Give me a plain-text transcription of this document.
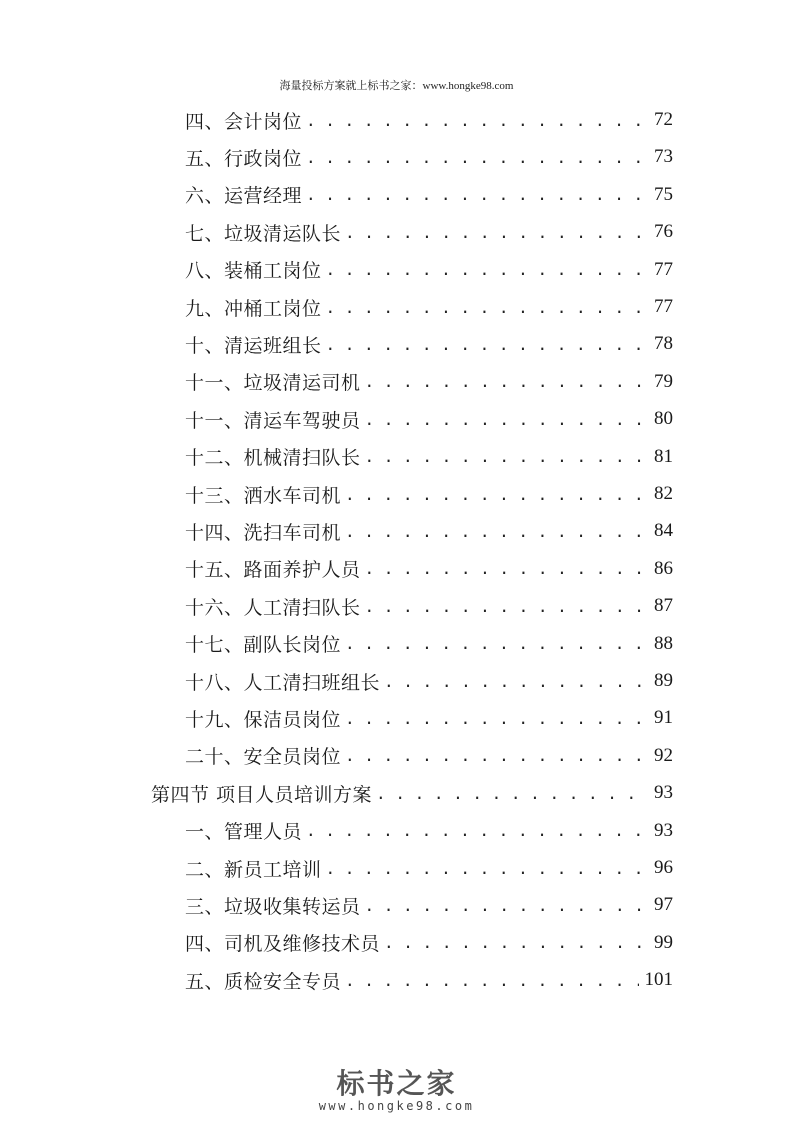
海量投标方案就上标书之家：www.hongke98.com
四、会计岗位 . . .	72
五、行政岗位 . . .	73
六、运营经理 . . .	75
七、垃圾清运队长 . . .	76
八、装桶工岗位 . . .	77
九、冲桶工岗位 . . .	77
十、清运班组长 . . .	78
十一、垃圾清运司机 . . .	79
十一、清运车驾驶员 . . .	80
十二、机械清扫队长 . . .	81
十三、洒水车司机 . . .	82
十四、洗扫车司机 . . .	84
十五、路面养护人员 . . .	86
十六、人工清扫队长 . . .	87
十七、副队长岗位 . . .	88
十八、人工清扫班组长 . . .	89
十九、保洁员岗位 . . .	91
二十、安全员岗位 . . .	92
第四节 项目人员培训方案 . . .	93
一、管理人员 . . .	93
二、新员工培训 . . .	96
三、垃圾收集转运员 . . .	97
四、司机及维修技术员 . . .	99
五、质检安全专员 . . .	101
标书之家
www.hongke98.com
